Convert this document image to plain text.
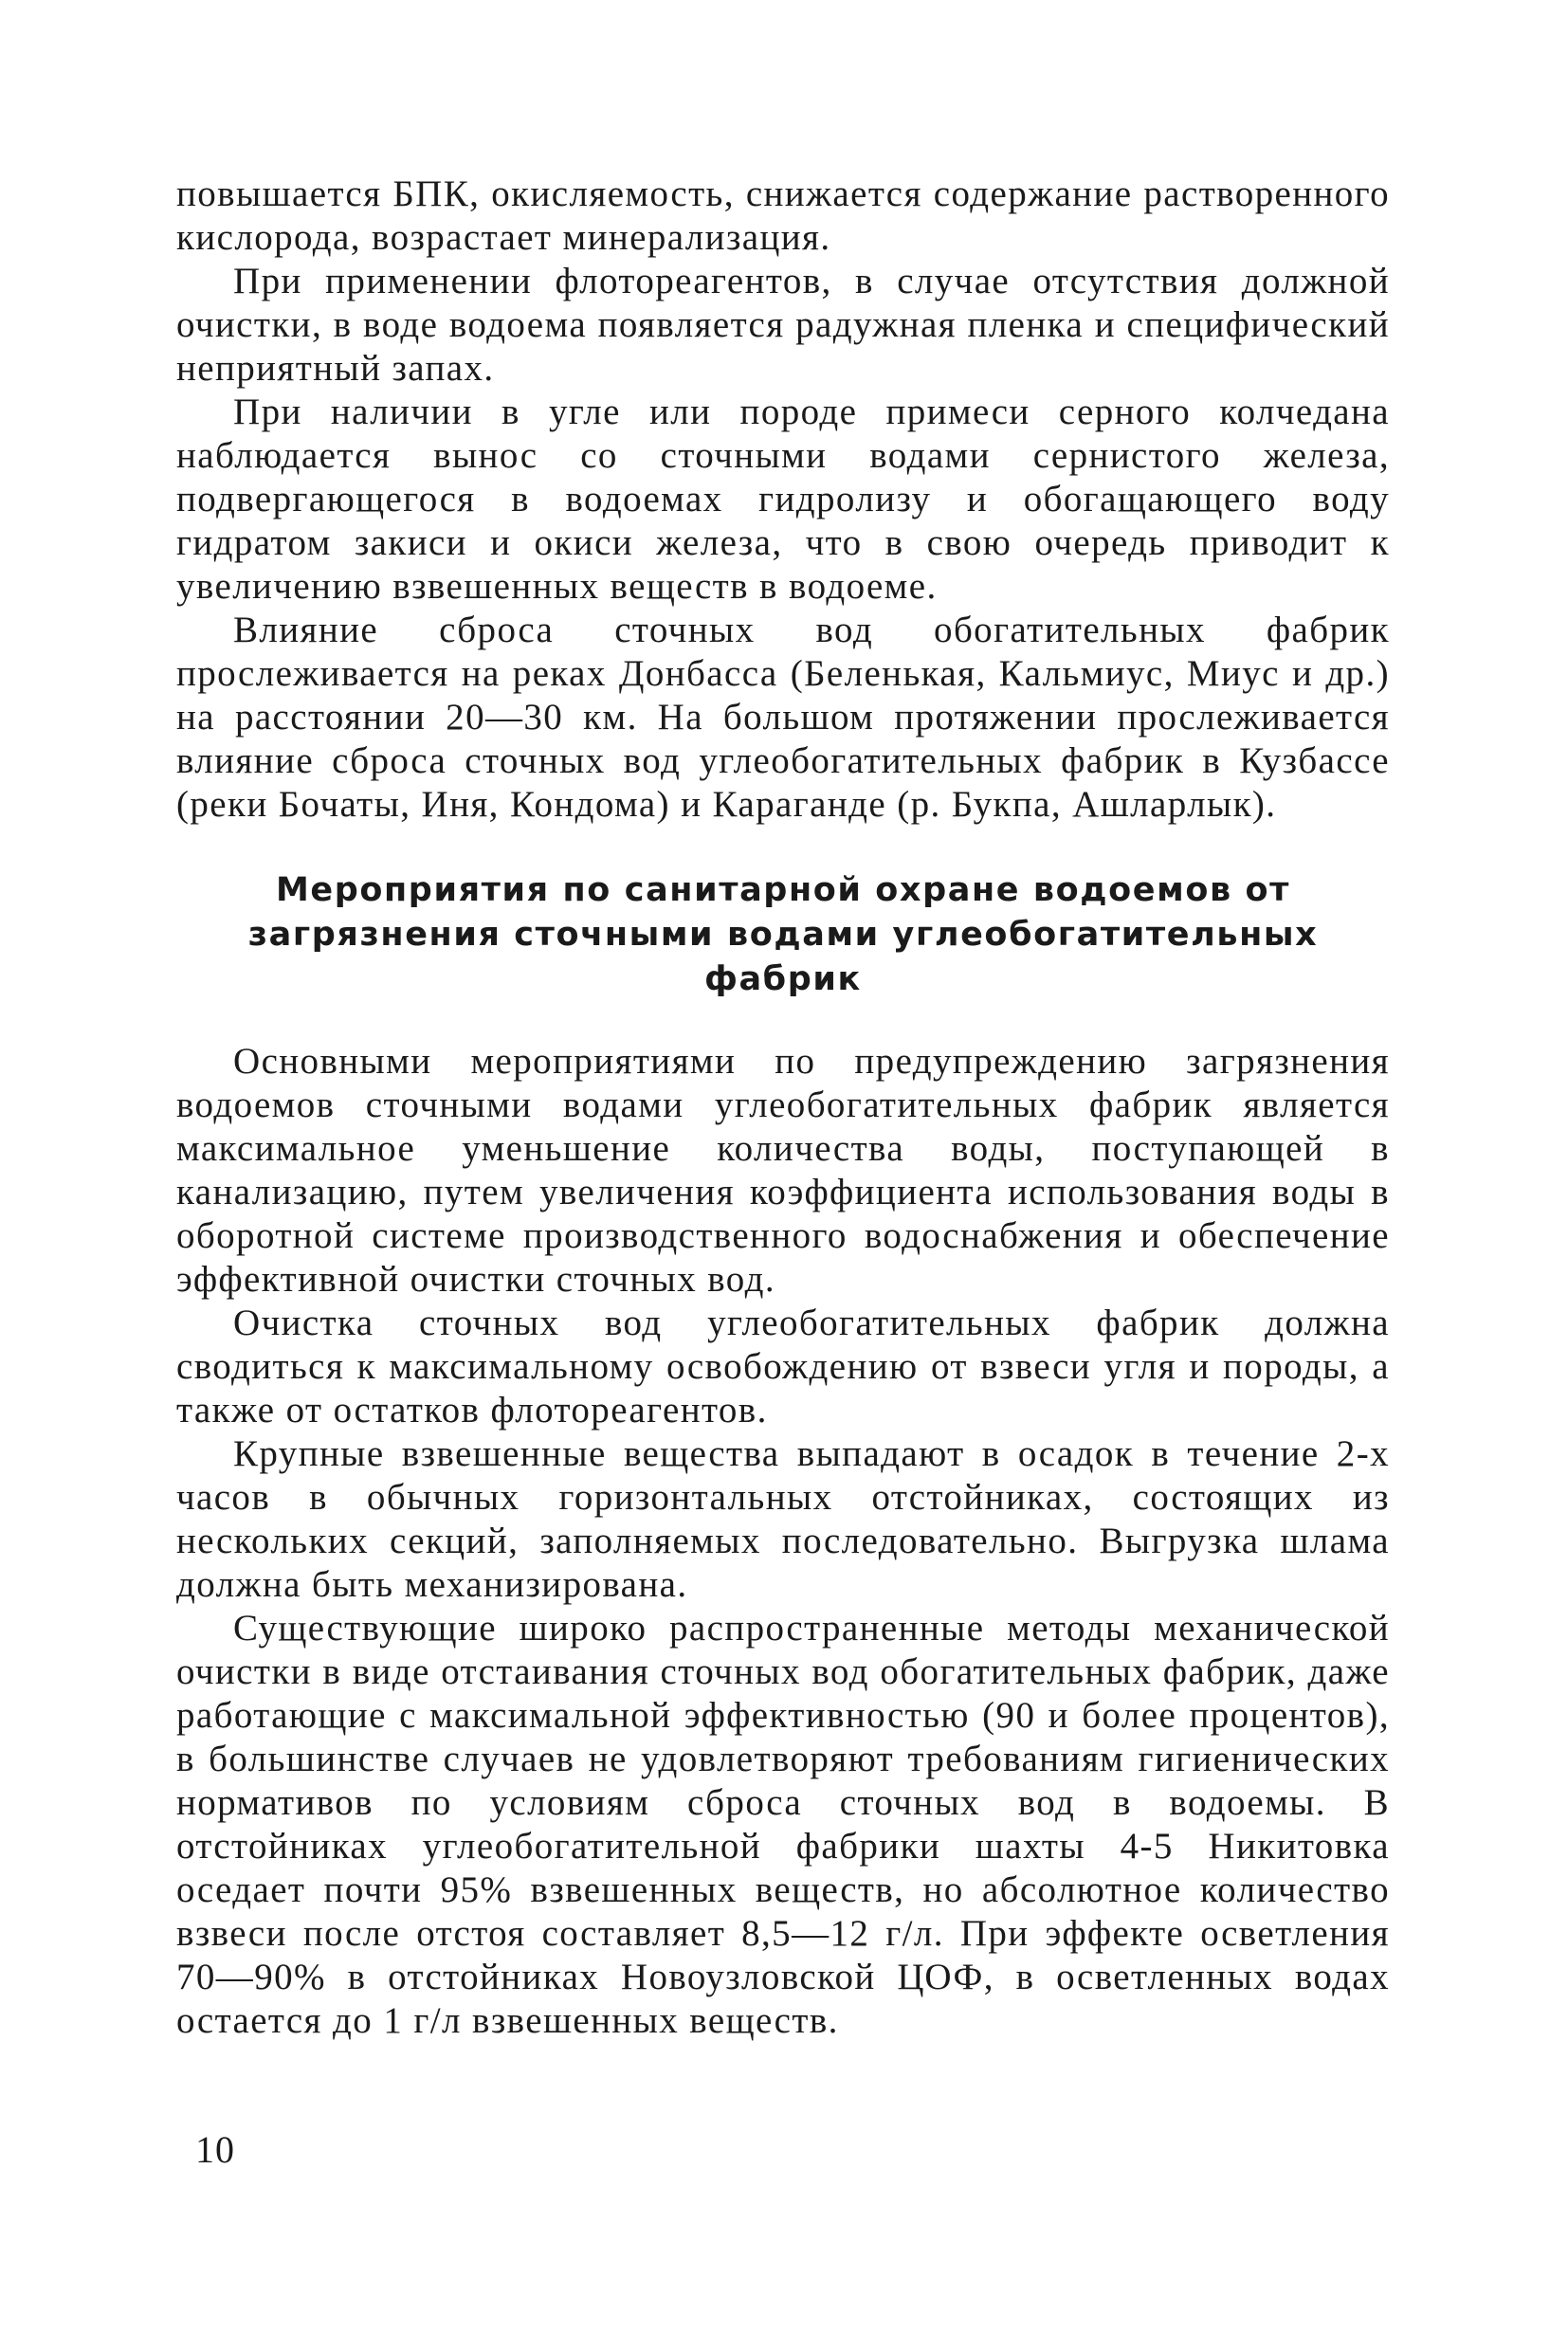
повышается БПК, окисляемость, снижается содержание растворенного кислорода, возрастает минерализация.

При применении флотореагентов, в случае отсутствия должной очистки, в воде водоема появляется радужная пленка и специфический неприятный запах.

При наличии в угле или породе примеси серного колчедана наблюдается вынос со сточными водами сернистого железа, подвергающегося в водоемах гидролизу и обогащающего воду гидратом закиси и окиси железа, что в свою очередь приводит к увеличению взвешенных веществ в водоеме.

Влияние сброса сточных вод обогатительных фабрик прослеживается на реках Донбасса (Беленькая, Кальмиус, Миус и др.) на расстоянии 20—30 км. На большом протяжении прослеживается влияние сброса сточных вод углеобогатительных фабрик в Кузбассе (реки Бочаты, Иня, Кондома) и Караганде (р. Букпа, Ашларлык).

Мероприятия по санитарной охране водоемов от
загрязнения сточными водами углеобогатительных
фабрик

Основными мероприятиями по предупреждению загрязнения водоемов сточными водами углеобогатительных фабрик является максимальное уменьшение количества воды, поступающей в канализацию, путем увеличения коэффициента использования воды в оборотной системе производственного водоснабжения и обеспечение эффективной очистки сточных вод.

Очистка сточных вод углеобогатительных фабрик должна сводиться к максимальному освобождению от взвеси угля и породы, а также от остатков флотореагентов.

Крупные взвешенные вещества выпадают в осадок в течение 2-х часов в обычных горизонтальных отстойниках, состоящих из нескольких секций, заполняемых последовательно. Выгрузка шлама должна быть механизирована.

Существующие широко распространенные методы механической очистки в виде отстаивания сточных вод обогатительных фабрик, даже работающие с максимальной эффективностью (90 и более процентов), в большинстве случаев не удовлетворяют требованиям гигиенических нормативов по условиям сброса сточных вод в водоемы. В отстойниках углеобогатительной фабрики шахты 4-5 Никитовка оседает почти 95% взвешенных веществ, но абсолютное количество взвеси после отстоя составляет 8,5—12 г/л. При эффекте осветления 70—90% в отстойниках Новоузловской ЦОФ, в осветленных водах остается до 1 г/л взвешенных веществ.

10
